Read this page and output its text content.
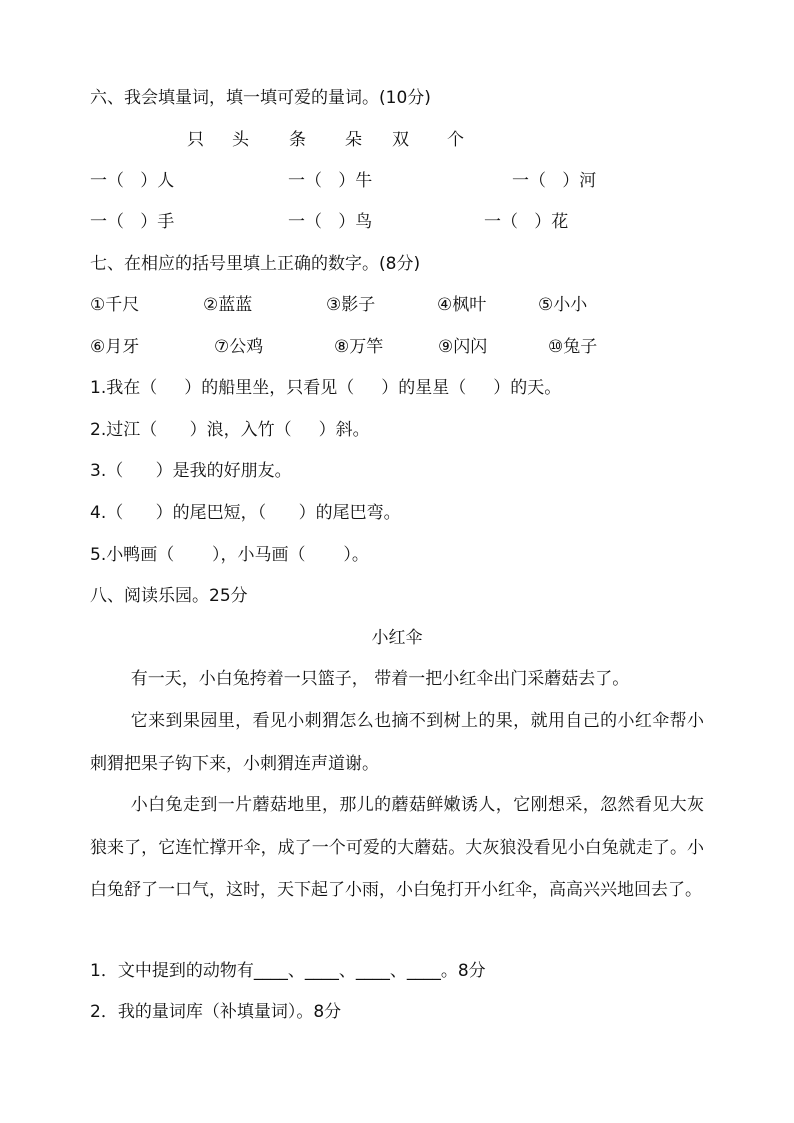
六、我会填量词，填一填可爱的量词。(10分)
只 头 条 朵 双 个
一（   ）人	一（   ）牛	一（   ）河
一（   ）手	一（   ）鸟	一（   ）花
七、在相应的括号里填上正确的数字。(8分)
①千尺	②蓝蓝	③影子	④枫叶	⑤小小
⑥月牙	⑦公鸡	⑧万竿	⑨闪闪	⑩兔子
1.我在（     ）的船里坐，只看见（     ）的星星（     ）的天。
2.过江（      ）浪，入竹（     ）斜。
3.（      ）是我的好朋友。
4.（      ）的尾巴短，（      ）的尾巴弯。
5.小鸭画（       ），小马画（       ）。
八、阅读乐园。25分
小红伞
有一天，小白兔挎着一只篮子， 带着一把小红伞出门采蘑菇去了。
它来到果园里，看见小刺猬怎么也摘不到树上的果，就用自己的小红伞帮小刺猬把果子钩下来，小刺猬连声道谢。
小白兔走到一片蘑菇地里，那儿的蘑菇鲜嫩诱人，它刚想采，忽然看见大灰狼来了，它连忙撑开伞，成了一个可爱的大蘑菇。大灰狼没看见小白兔就走了。小白兔舒了一口气，这时，天下起了小雨，小白兔打开小红伞，高高兴兴地回去了。
1．文中提到的动物有____、____、____、____。8分
2．我的量词库（补填量词）。8分
